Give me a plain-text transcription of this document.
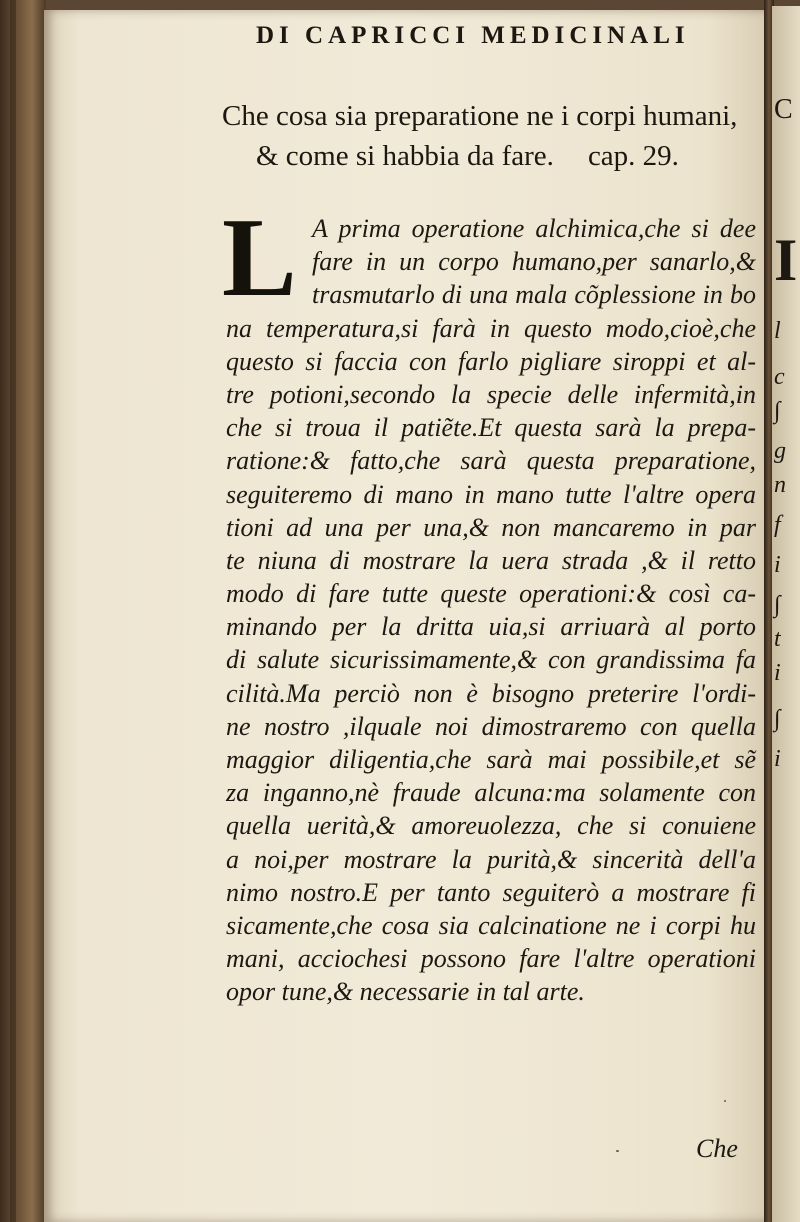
C
I
l
c
∫
g
n
f
i
∫
t
i
∫
i
DI CAPRICCI MEDICINALI
Che cosa sia preparatione ne i corpi humani,
& come si habbia da fare. cap. 29.
L A prima operatione alchimica,che si dee
fare in un corpo humano,per sanarlo,&
trasmutarlo di una mala cõplessione in bo
na temperatura,si farà in questo modo,cioè,che
questo si faccia con farlo pigliare siroppi et al-
tre potioni,secondo la specie delle infermità,in
che si troua il patiẽte.Et questa sarà la prepa-
ratione:& fatto,che sarà questa preparatione,
seguiteremo di mano in mano tutte l'altre opera
tioni ad una per una,& non mancaremo in par
te niuna di mostrare la uera strada ,& il retto
modo di fare tutte queste operationi:& così ca-
minando per la dritta uia,si arriuarà al porto
di salute sicurissimamente,& con grandissima fa
cilità.Ma perciò non è bisogno preterire l'ordi-
ne nostro ,ilquale noi dimostraremo con quella
maggior diligentia,che sarà mai possibile,et sẽ
za inganno,nè fraude alcuna:ma solamente con
quella uerità,& amoreuolezza, che si conuiene
a noi,per mostrare la purità,& sincerità dell'a
nimo nostro.E per tanto seguiterò a mostrare fi
sicamente,che cosa sia calcinatione ne i corpi hu
mani, acciochesi possono fare l'altre operationi
opor tune,& necessarie in tal arte.
Che
